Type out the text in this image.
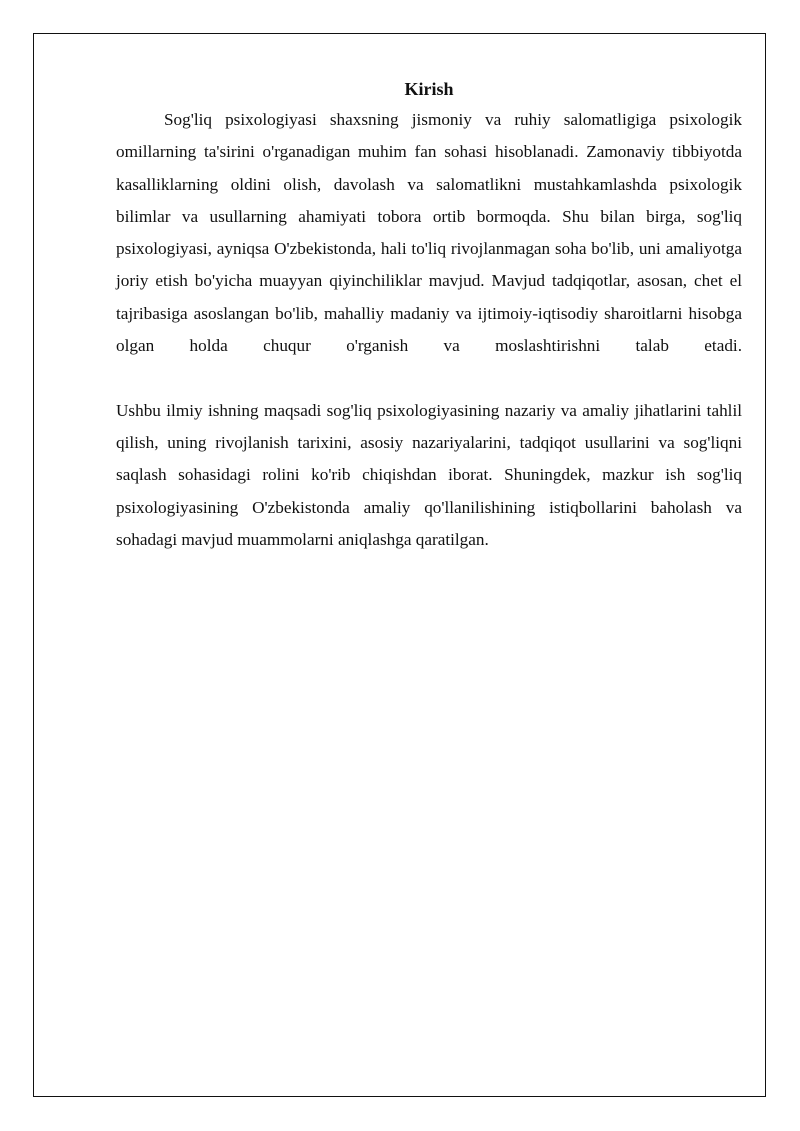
Kirish

Sog'liq psixologiyasi shaxsning jismoniy va ruhiy salomatligiga psixologik omillarning ta'sirini o'rganadigan muhim fan sohasi hisoblanadi. Zamonaviy tibbiyotda kasalliklarning oldini olish, davolash va salomatlikni mustahkamlashda psixologik bilimlar va usullarning ahamiyati tobora ortib bormoqda. Shu bilan birga, sog'liq psixologiyasi, ayniqsa O'zbekistonda, hali to'liq rivojlanmagan soha bo'lib, uni amaliyotga joriy etish bo'yicha muayyan qiyinchiliklar mavjud. Mavjud tadqiqotlar, asosan, chet el tajribasiga asoslangan bo'lib, mahalliy madaniy va ijtimoiy-iqtisodiy sharoitlarni hisobga olgan holda chuqur o'rganish va moslashtirishni talab etadi.

Ushbu ilmiy ishning maqsadi sog'liq psixologiyasining nazariy va amaliy jihatlarini tahlil qilish, uning rivojlanish tarixini, asosiy nazariyalarini, tadqiqot usullarini va sog'liqni saqlash sohasidagi rolini ko'rib chiqishdan iborat. Shuningdek, mazkur ish sog'liq psixologiyasining O'zbekistonda amaliy qo'llanilishining istiqbollarini baholash va sohadagi mavjud muammolarni aniqlashga qaratilgan.
